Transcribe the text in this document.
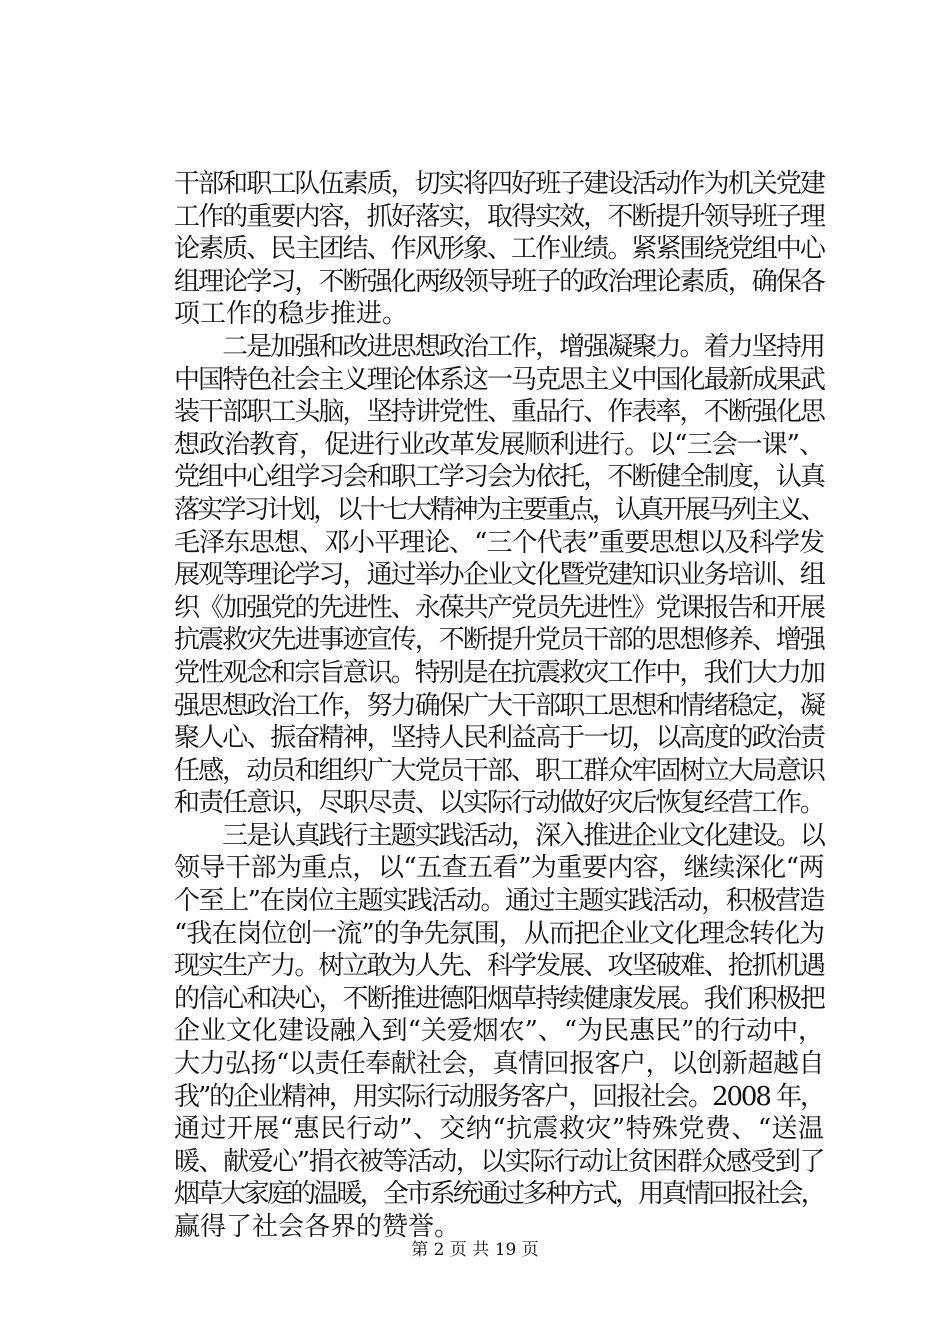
干部和职工队伍素质，切实将四好班子建设活动作为机关党建
工作的重要内容，抓好落实，取得实效，不断提升领导班子理
论素质、民主团结、作风形象、工作业绩。紧紧围绕党组中心
组理论学习，不断强化两级领导班子的政治理论素质，确保各
项工作的稳步推进。
　　二是加强和改进思想政治工作，增强凝聚力。着力坚持用
中国特色社会主义理论体系这一马克思主义中国化最新成果武
装干部职工头脑，坚持讲党性、重品行、作表率，不断强化思
想政治教育，促进行业改革发展顺利进行。以“三会一课”、
党组中心组学习会和职工学习会为依托，不断健全制度，认真
落实学习计划，以十七大精神为主要重点，认真开展马列主义、
毛泽东思想、邓小平理论、“三个代表”重要思想以及科学发
展观等理论学习，通过举办企业文化暨党建知识业务培训、组
织《加强党的先进性、永葆共产党员先进性》党课报告和开展
抗震救灾先进事迹宣传，不断提升党员干部的思想修养、增强
党性观念和宗旨意识。特别是在抗震救灾工作中，我们大力加
强思想政治工作，努力确保广大干部职工思想和情绪稳定，凝
聚人心、振奋精神，坚持人民利益高于一切，以高度的政治责
任感，动员和组织广大党员干部、职工群众牢固树立大局意识
和责任意识，尽职尽责、以实际行动做好灾后恢复经营工作。
　　三是认真践行主题实践活动，深入推进企业文化建设。以
领导干部为重点，以“五查五看”为重要内容，继续深化“两
个至上”在岗位主题实践活动。通过主题实践活动，积极营造
“我在岗位创一流”的争先氛围，从而把企业文化理念转化为
现实生产力。树立敢为人先、科学发展、攻坚破难、抢抓机遇
的信心和决心，不断推进德阳烟草持续健康发展。我们积极把
企业文化建设融入到“关爱烟农”、“为民惠民”的行动中，
大力弘扬“以责任奉献社会，真情回报客户，以创新超越自
我”的企业精神，用实际行动服务客户，回报社会。2008 年，
通过开展“惠民行动”、交纳“抗震救灾”特殊党费、“送温
暖、献爱心”捐衣被等活动，以实际行动让贫困群众感受到了
烟草大家庭的温暖，全市系统通过多种方式，用真情回报社会，
赢得了社会各界的赞誉。
第 2 页 共 19 页
